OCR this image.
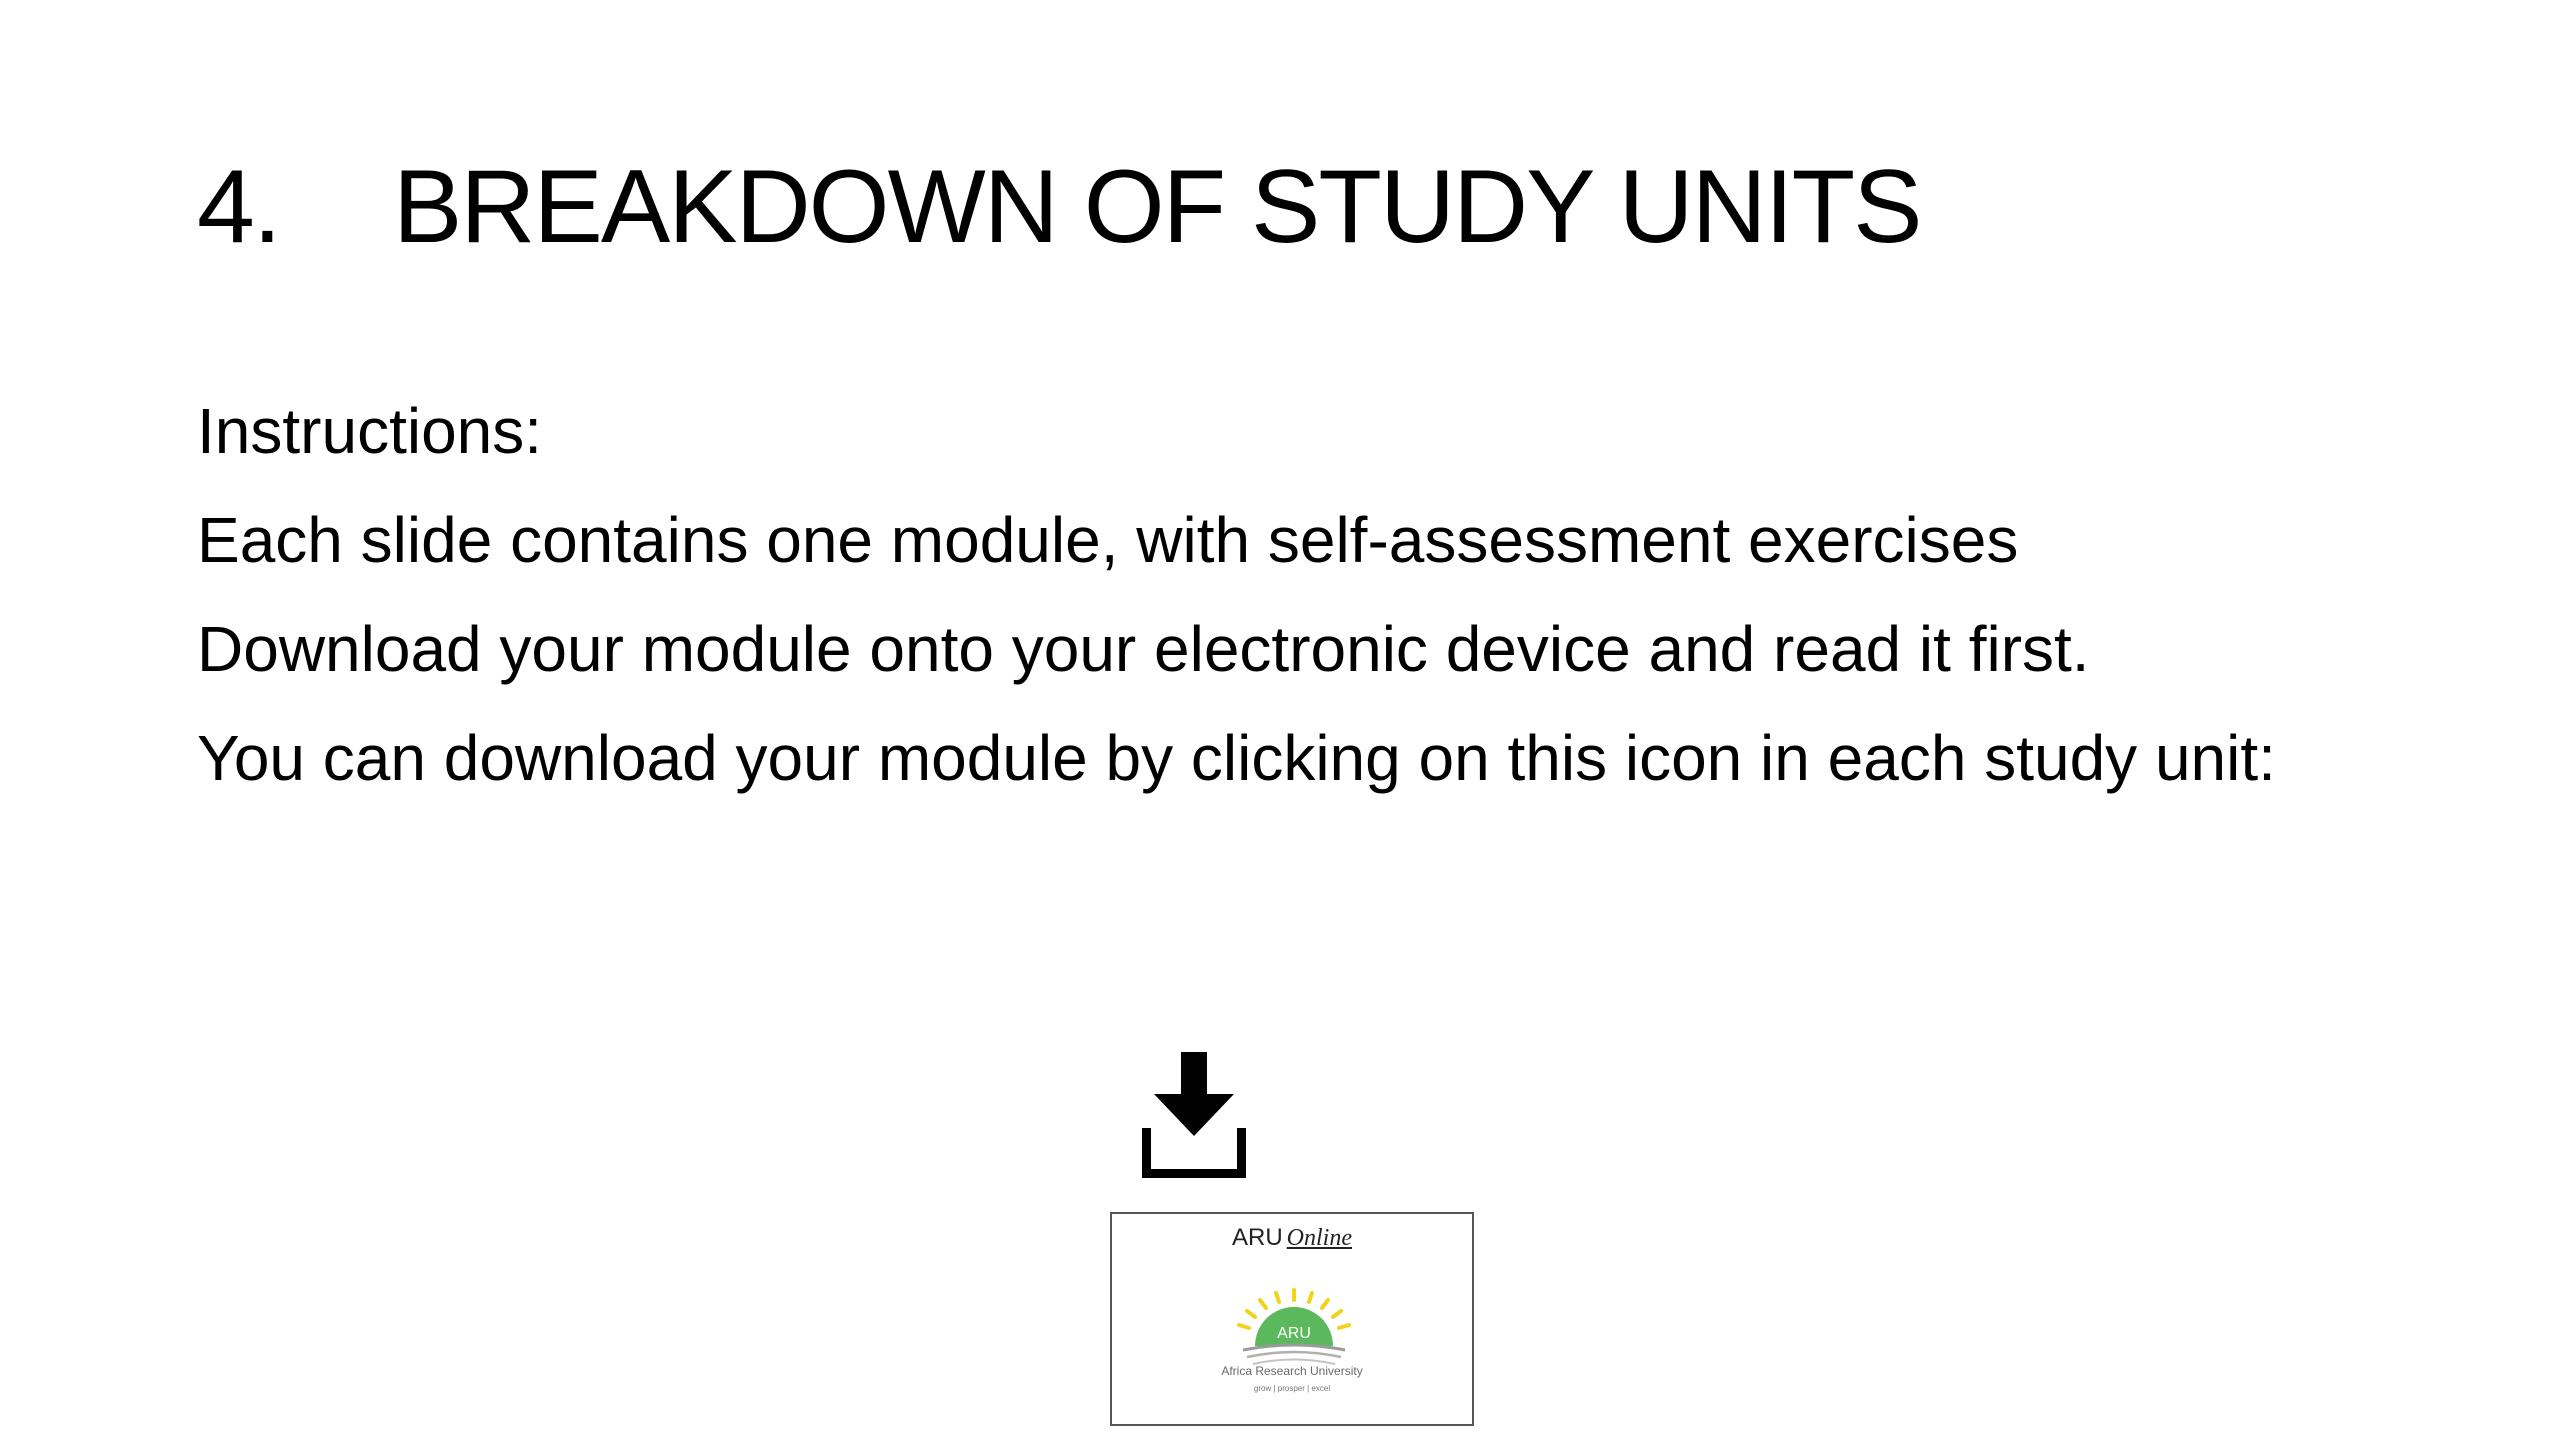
4. BREAKDOWN OF STUDY UNITS

Instructions:

Each slide contains one module, with self-assessment exercises

Download your module onto your electronic device and read it first.

You can download your module by clicking on this icon in each study unit:

ARU Online
ARU
Africa Research University
grow | prosper | excel
